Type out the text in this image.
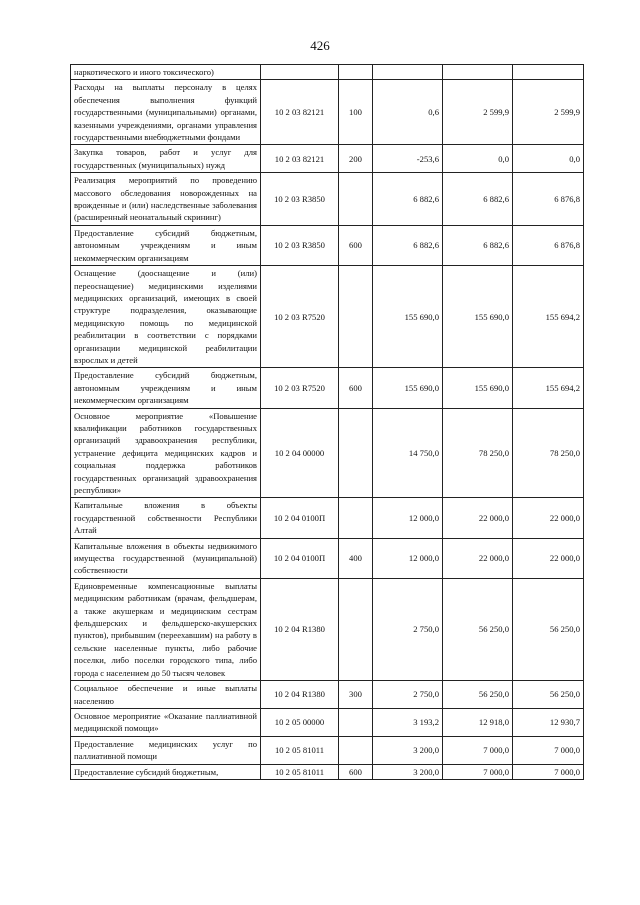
426
наркотического и иного токсического)					
Расходы на выплаты персоналу в целях обеспечения выполнения функций государственными (муниципальными) органами, казенными учреждениями, органами управления государственными внебюджетными фондами	10 2 03 82121	100	0,6	2 599,9	2 599,9
Закупка товаров, работ и услуг для государственных (муниципальных) нужд	10 2 03 82121	200	-253,6	0,0	0,0
Реализация мероприятий по проведению массового обследования новорожденных на врожденные и (или) наследственные заболевания (расширенный неонатальный скрининг)	10 2 03 R3850		6 882,6	6 882,6	6 876,8
Предоставление субсидий бюджетным, автономным учреждениям и иным некоммерческим организациям	10 2 03 R3850	600	6 882,6	6 882,6	6 876,8
Оснащение (дооснащение и (или) переоснащение) медицинскими изделиями медицинских организаций, имеющих в своей структуре подразделения, оказывающие медицинскую помощь по медицинской реабилитации в соответствии с порядками организации медицинской реабилитации взрослых и детей	10 2 03 R7520		155 690,0	155 690,0	155 694,2
Предоставление субсидий бюджетным, автономным учреждениям и иным некоммерческим организациям	10 2 03 R7520	600	155 690,0	155 690,0	155 694,2
Основное мероприятие «Повышение квалификации работников государственных организаций здравоохранения республики, устранение дефицита медицинских кадров и социальная поддержка работников государственных организаций здравоохранения республики»	10 2 04 00000		14 750,0	78 250,0	78 250,0
Капитальные вложения в объекты государственной собственности Республики Алтай	10 2 04 0100П		12 000,0	22 000,0	22 000,0
Капитальные вложения в объекты недвижимого имущества государственной (муниципальной) собственности	10 2 04 0100П	400	12 000,0	22 000,0	22 000,0
Единовременные компенсационные выплаты медицинским работникам (врачам, фельдшерам, а также акушеркам и медицинским сестрам фельдшерских и фельдшерско-акушерских пунктов), прибывшим (переехавшим) на работу в сельские населенные пункты, либо рабочие поселки, либо поселки городского типа, либо города с населением до 50 тысяч человек	10 2 04 R1380		2 750,0	56 250,0	56 250,0
Социальное обеспечение и иные выплаты населению	10 2 04 R1380	300	2 750,0	56 250,0	56 250,0
Основное мероприятие «Оказание паллиативной медицинской помощи»	10 2 05 00000		3 193,2	12 918,0	12 930,7
Предоставление медицинских услуг по паллиативной помощи	10 2 05 81011		3 200,0	7 000,0	7 000,0
Предоставление субсидий бюджетным,	10 2 05 81011	600	3 200,0	7 000,0	7 000,0
